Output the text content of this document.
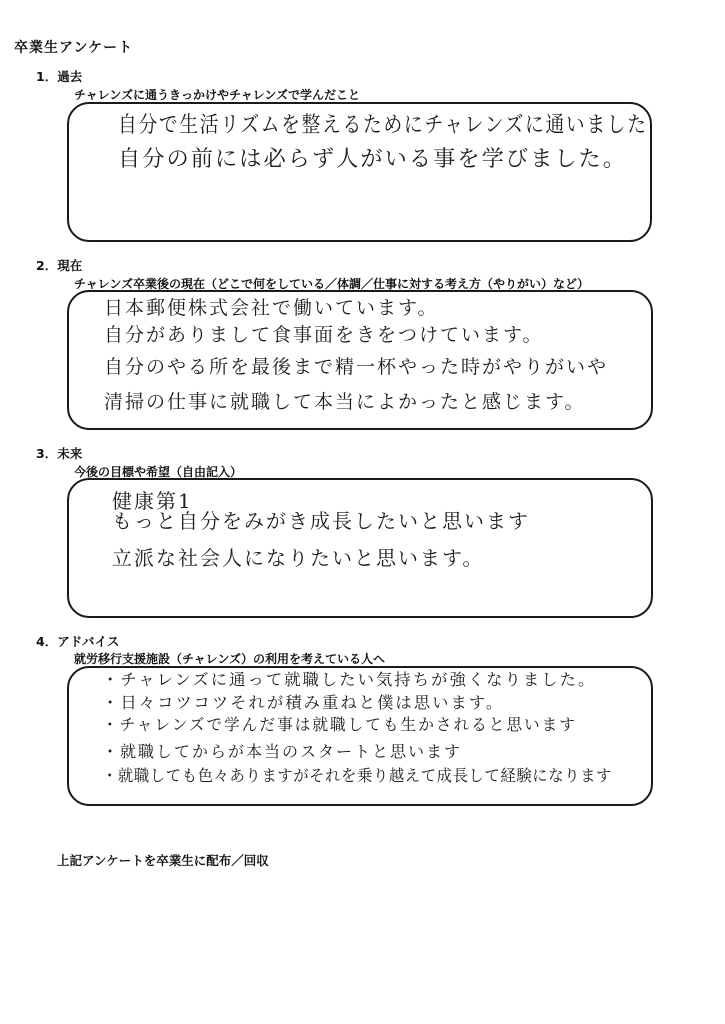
卒業生アンケート
1．過去
チャレンズに通うきっかけやチャレンズで学んだこと
自分で生活リズムを整えるためにチャレンズに通いました
自分の前には必らず人がいる事を学びました。
2．現在
チャレンズ卒業後の現在（どこで何をしている／体調／仕事に対する考え方（やりがい）など）
日本郵便株式会社で働いています。
自分がありまして食事面をきをつけています。
自分のやる所を最後まで精一杯やった時がやりがいや
清掃の仕事に就職して本当によかったと感じます。
3．未来
今後の目標や希望（自由記入）
健康第1
もっと自分をみがき成長したいと思います
立派な社会人になりたいと思います。
4．アドバイス
就労移行支援施設（チャレンズ）の利用を考えている人へ
・チャレンズに通って就職したい気持ちが強くなりました。
・日々コツコツそれが積み重ねと僕は思います。
・チャレンズで学んだ事は就職しても生かされると思います
・就職してからが本当のスタートと思います
・就職しても色々ありますがそれを乗り越えて成長して経験になります
上記アンケートを卒業生に配布／回収
